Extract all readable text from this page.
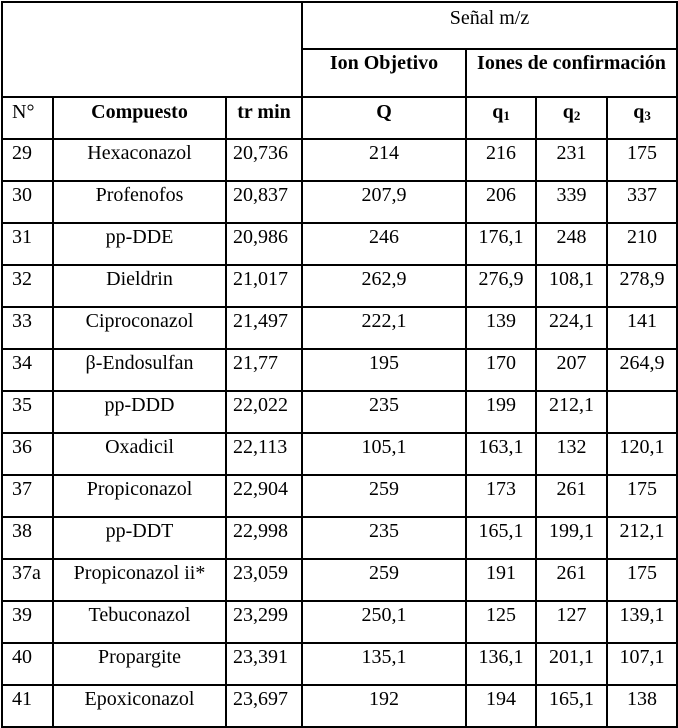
			Señal m/z			
			Ion Objetivo	Iones de confirmación		
N°	Compuesto	tr min	Q	$q_1$	$q_2$	$q_3$
29	Hexaconazol	20,736	214	216	231	175
30	Profenofos	20,837	207,9	206	339	337
31	pp-DDE	20,986	246	176,1	248	210
32	Dieldrin	21,017	262,9	276,9	108,1	278,9
33	Ciproconazol	21,497	222,1	139	224,1	141
34	β-Endosulfan	21,77	195	170	207	264,9
35	pp-DDD	22,022	235	199	212,1	
36	Oxadicil	22,113	105,1	163,1	132	120,1
37	Propiconazol	22,904	259	173	261	175
38	pp-DDT	22,998	235	165,1	199,1	212,1
37a	Propiconazol ii*	23,059	259	191	261	175
39	Tebuconazol	23,299	250,1	125	127	139,1
40	Propargite	23,391	135,1	136,1	201,1	107,1
41	Epoxiconazol	23,697	192	194	165,1	138
